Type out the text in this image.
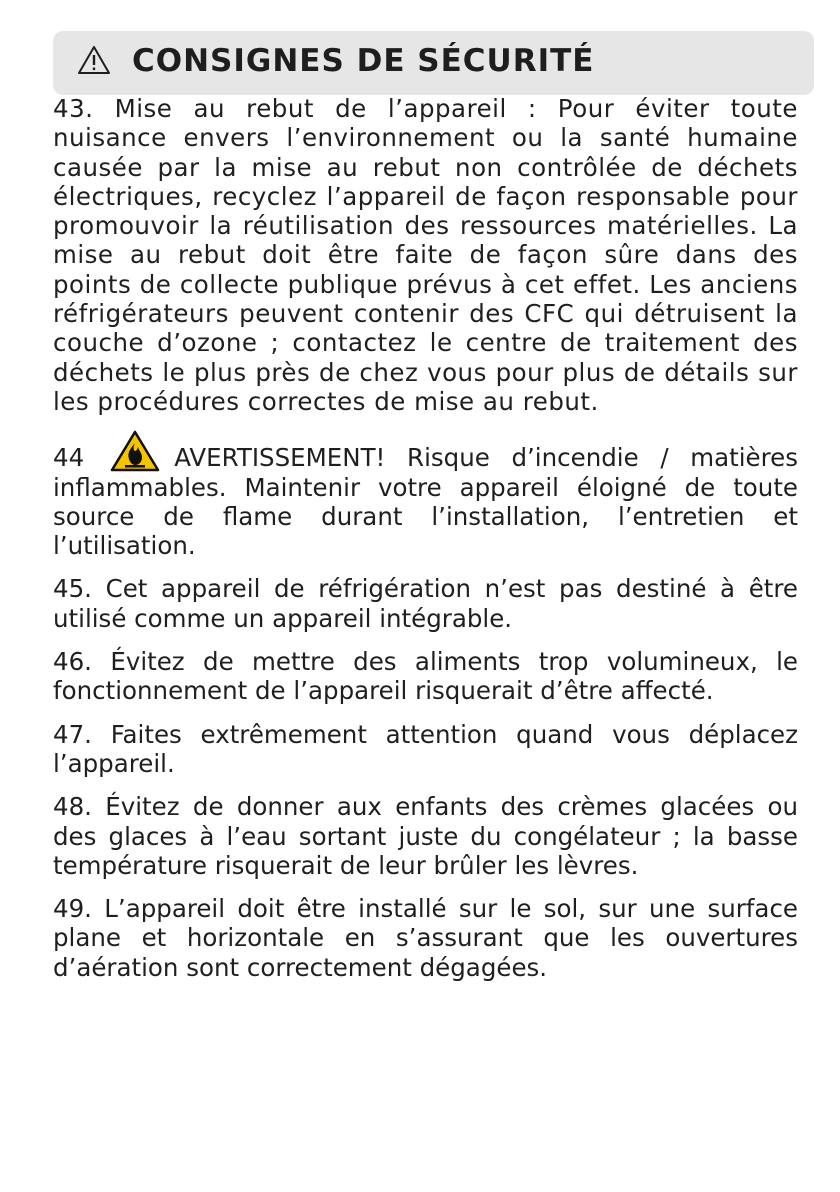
CONSIGNES DE SÉCURITÉ

43. Mise au rebut de l’appareil : Pour éviter toute nuisance envers l’environnement ou la santé humaine causée par la mise au rebut non contrôlée de déchets électriques, recyclez l’appareil de façon responsable pour promouvoir la réutilisation des ressources matérielles. La mise au rebut doit être faite de façon sûre dans des points de collecte publique prévus à cet effet. Les anciens réfrigérateurs peuvent contenir des CFC qui détruisent la couche d’ozone ; contactez le centre de traitement des déchets le plus près de chez vous pour plus de détails sur les procédures correctes de mise au rebut.

44	AVERTISSEMENT! Risque d’incendie / matières inflammables. Maintenir votre appareil éloigné de toute source de flame durant l’installation, l’entretien et l’utilisation.

45. Cet appareil de réfrigération n’est pas destiné à être utilisé comme un appareil intégrable.

46. Évitez de mettre des aliments trop volumineux, le fonctionnement de l’appareil risquerait d’être affecté.

47. Faites extrêmement attention quand vous déplacez l’appareil.

48. Évitez de donner aux enfants des crèmes glacées ou des glaces à l’eau sortant juste du congélateur ; la basse température risquerait de leur brûler les lèvres.

49. L’appareil doit être installé sur le sol, sur une surface plane et horizontale en s’assurant que les ouvertures d’aération sont correctement dégagées.
